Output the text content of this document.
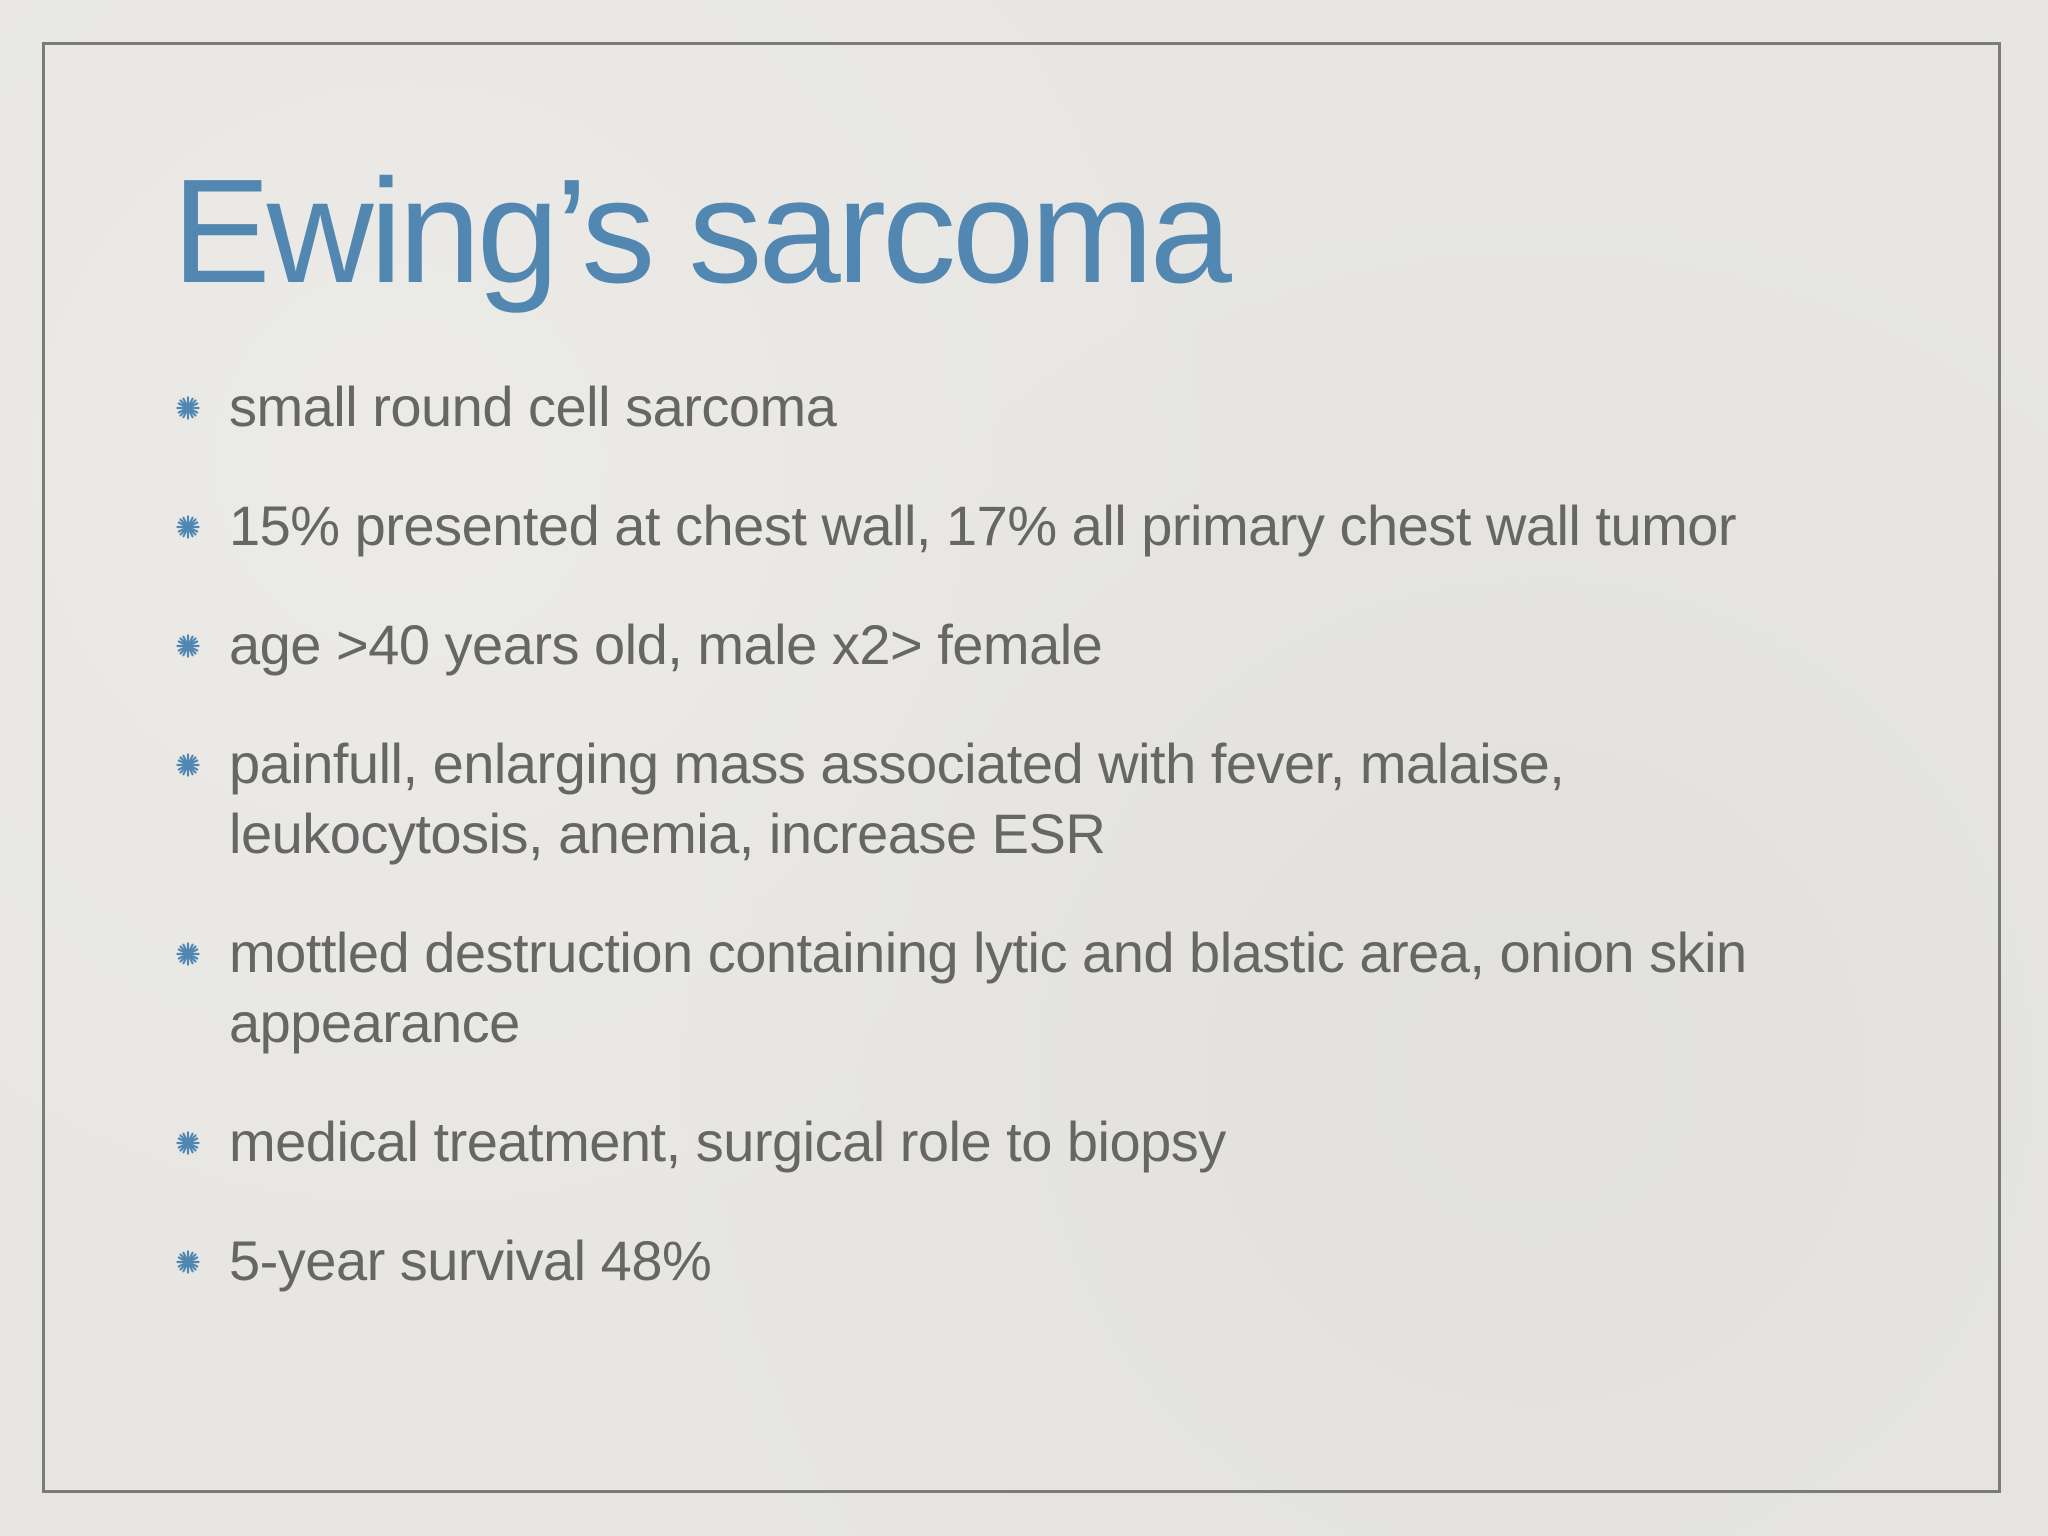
Ewing’s sarcoma
small round cell sarcoma
15% presented at chest wall, 17% all primary chest wall tumor
age >40 years old, male x2> female
painfull, enlarging mass associated with fever, malaise, leukocytosis, anemia, increase ESR
mottled destruction containing lytic and blastic area, onion skin appearance
medical treatment, surgical role to biopsy
5-year survival 48%
